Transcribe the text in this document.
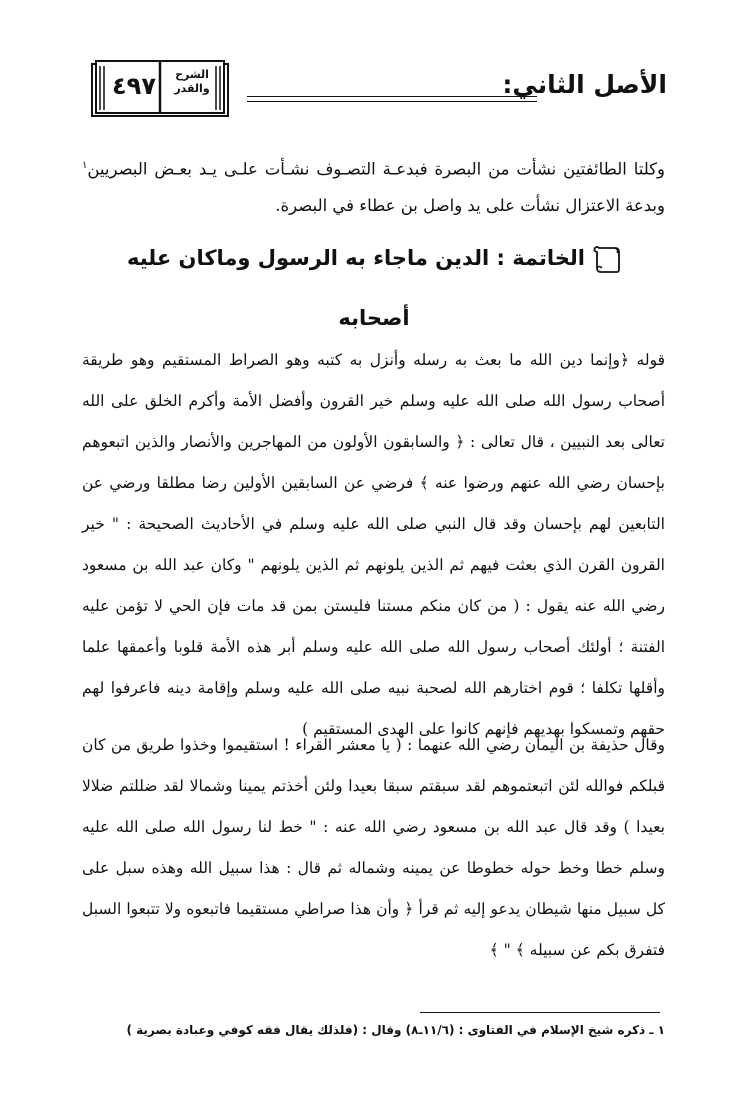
٤٩٧	الشرح
والقدر	الأصل الثاني:
وكلتا الطائفتين نشأت من البصرة فبدعـة التصـوف نشـأت علـى يـد بعـض البصريين$^١$ وبدعة الاعتزال نشأت على يد واصل بن عطاء في البصرة.
الخاتمة : الدين ماجاء به الرسول وماكان عليه أصحابه
قوله ﴿وإنما دين الله ما بعث به رسله وأنزل به كتبه وهو الصراط المستقيم وهو طريقة أصحاب رسول الله صلى الله عليه وسلم خير القرون وأفضل الأمة وأكرم الخلق على الله تعالى بعد النبيين ، قال تعالى : ﴿ والسابقون الأولون من المهاجرين والأنصار والذين اتبعوهم بإحسان رضي الله عنهم ورضوا عنه ﴾ فرضي عن السابقين الأولين رضا مطلقا ورضي عن التابعين لهم بإحسان وقد قال النبي صلى الله عليه وسلم في الأحاديث الصحيحة : " خير القرون القرن الذي بعثت فيهم ثم الذين يلونهم ثم الذين يلونهم " وكان عبد الله بن مسعود رضي الله عنه يقول : ( من كان منكم مستنا فليستن بمن قد مات فإن الحي لا تؤمن عليه الفتنة ؛ أولئك أصحاب رسول الله صلى الله عليه وسلم أبر هذه الأمة قلوبا وأعمقها علما وأقلها تكلفا ؛ قوم اختارهم الله لصحبة نبيه صلى الله عليه وسلم وإقامة دينه فاعرفوا لهم حقهم وتمسكوا بهديهم فإنهم كانوا على الهدى المستقيم )
وقال حذيفة بن اليمان رضي الله عنهما : ( يا معشر القراء ! استقيموا وخذوا طريق من كان قبلكم فوالله لئن اتبعتموهم لقد سبقتم سبقا بعيدا ولئن أخذتم يمينا وشمالا لقد ضللتم ضلالا بعيدا ) وقد قال عبد الله بن مسعود رضي الله عنه : " خط لنا رسول الله صلى الله عليه وسلم خطا وخط حوله خطوطا عن يمينه وشماله ثم قال : هذا سبيل الله وهذه سبل على كل سبيل منها شيطان يدعو إليه ثم قرأ ﴿ وأن هذا صراطي مستقيما فاتبعوه ولا تتبعوا السبل فتفرق بكم عن سبيله ﴾ " ﴾
١ ـ ذكره شيخ الإسلام في الفتاوى : (١١/٦ـ٨) وقال : (فلذلك يقال فقه كوفي وعبادة بصرية )
